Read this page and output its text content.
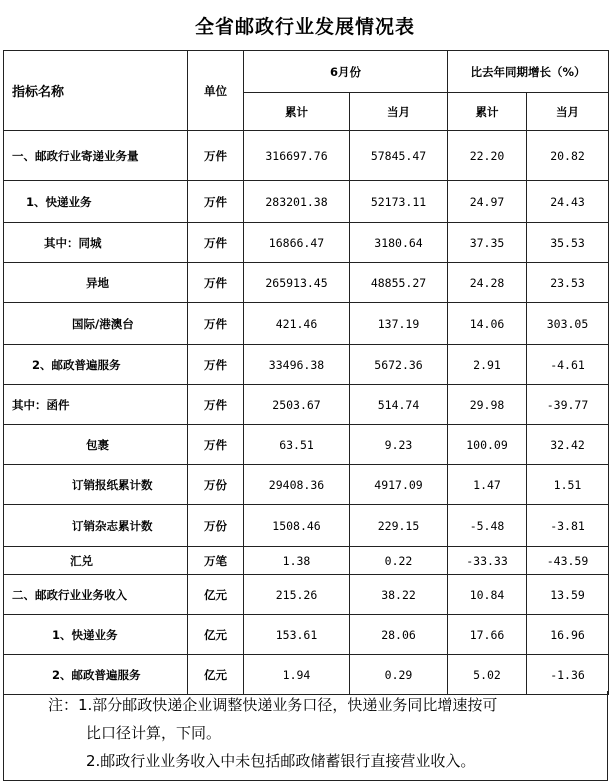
全省邮政行业发展情况表
指标名称	单位	6月份		比去年同期增长（%）	
		累计	当月	累计	当月
一、邮政行业寄递业务量	万件	316697.76	57845.47	22.20	20.82
1、快递业务	万件	283201.38	52173.11	24.97	24.43
其中：同城	万件	16866.47	3180.64	37.35	35.53
异地	万件	265913.45	48855.27	24.28	23.53
国际/港澳台	万件	421.46	137.19	14.06	303.05
2、邮政普遍服务	万件	33496.38	5672.36	2.91	-4.61
其中：函件	万件	2503.67	514.74	29.98	-39.77
包裹	万件	63.51	9.23	100.09	32.42
订销报纸累计数	万份	29408.36	4917.09	1.47	1.51
订销杂志累计数	万份	1508.46	229.15	-5.48	-3.81
汇兑	万笔	1.38	0.22	-33.33	-43.59
二、邮政行业业务收入	亿元	215.26	38.22	10.84	13.59
1、快递业务	亿元	153.61	28.06	17.66	16.96
2、邮政普遍服务	亿元	1.94	0.29	5.02	-1.36

注：1.部分邮政快递企业调整快递业务口径，快递业务同比增速按可

比口径计算，下同。

2.邮政行业业务收入中未包括邮政储蓄银行直接营业收入。
